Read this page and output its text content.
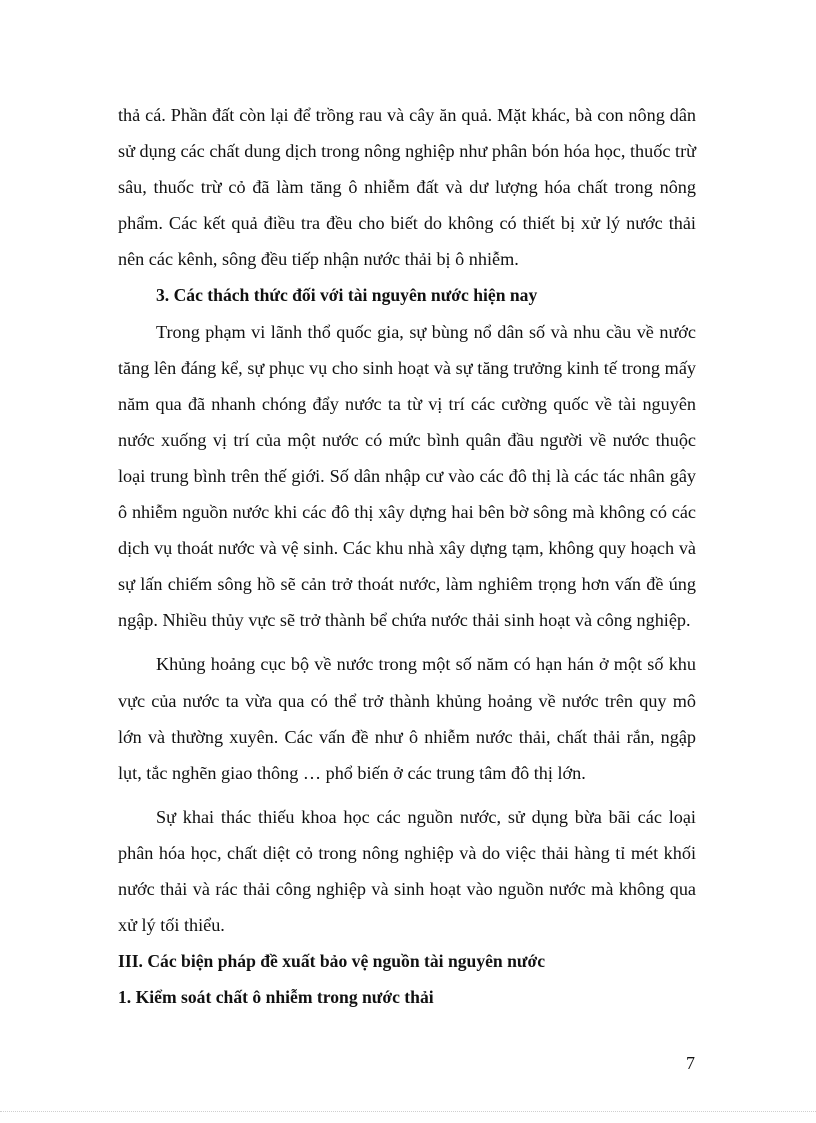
thả cá. Phần đất còn lại để trồng rau và cây ăn quả. Mặt khác, bà con nông dân sử dụng các chất dung dịch trong nông nghiệp như phân bón hóa học, thuốc trừ sâu, thuốc trừ cỏ đã làm tăng ô nhiễm đất và dư lượng hóa chất trong nông phẩm. Các kết quả điều tra đều cho biết do không có thiết bị xử lý nước thải nên các kênh, sông đều tiếp nhận nước thải bị ô nhiễm.

3. Các thách thức đối với tài nguyên nước hiện nay

Trong phạm vi lãnh thổ quốc gia, sự bùng nổ dân số và nhu cầu về nước tăng lên đáng kể, sự phục vụ cho sinh hoạt và sự tăng trưởng kinh tế trong mấy năm qua đã nhanh chóng đẩy nước ta từ vị trí các cường quốc về tài nguyên nước xuống vị trí của một nước có mức bình quân đầu người về nước thuộc loại trung bình trên thế giới. Số dân nhập cư vào các đô thị là các tác nhân gây ô nhiễm nguồn nước khi các đô thị xây dựng hai bên bờ sông mà không có các dịch vụ thoát nước và vệ sinh. Các khu nhà xây dựng tạm, không quy hoạch và sự lấn chiếm sông hồ sẽ cản trở thoát nước, làm nghiêm trọng hơn vấn đề úng ngập. Nhiều thủy vực sẽ trở thành bể chứa nước thải sinh hoạt và công nghiệp.

Khủng hoảng cục bộ về nước trong một số năm có hạn hán ở một số khu vực của nước ta vừa qua có thể trở thành khủng hoảng về nước trên quy mô lớn và thường xuyên. Các vấn đề như ô nhiễm nước thải, chất thải rắn, ngập lụt, tắc nghẽn giao thông … phổ biến ở các trung tâm đô thị lớn.

Sự khai thác thiếu khoa học các nguồn nước, sử dụng bừa bãi các loại phân hóa học, chất diệt cỏ trong nông nghiệp và do việc thải hàng tỉ mét khối nước thải và rác thải công nghiệp và sinh hoạt vào nguồn nước mà không qua xử lý tối thiểu.

III. Các biện pháp đề xuất bảo vệ nguồn tài nguyên nước

1. Kiểm soát chất ô nhiễm trong nước thải

7
